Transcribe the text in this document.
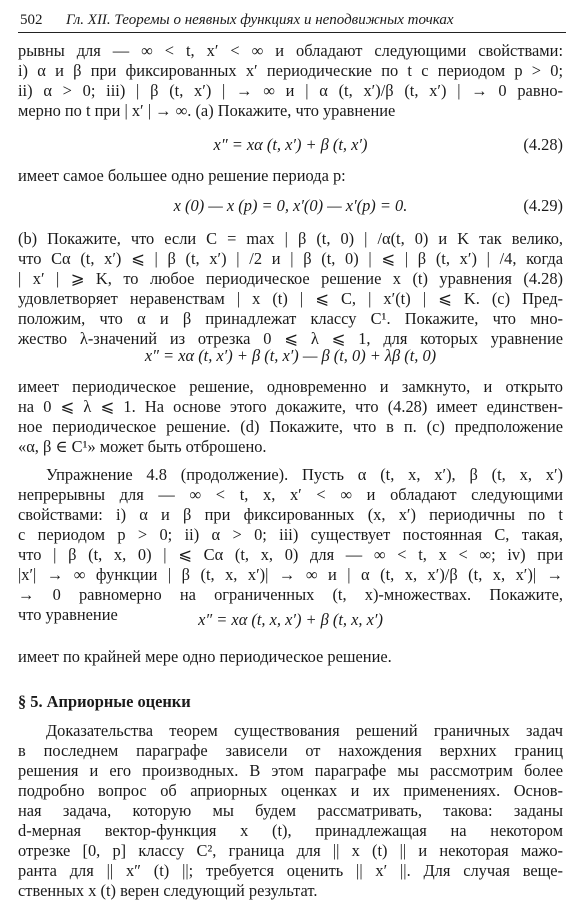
502 Гл. XII. Теоремы о неявных функциях и неподвижных точках
рывны для — ∞ < t, x′ < ∞ и обладают следующими свойствами:
i) α и β при фиксированных x′ периодические по t с периодом p > 0;
ii) α > 0; iii) | β (t, x′) | → ∞ и | α (t, x′)/β (t, x′) | → 0 равно-
мерно по t при | x′ | → ∞. (a) Покажите, что уравнение
x″ = xα (t, x′) + β (t, x′)	(4.28)
имеет самое большее одно решение периода p:
x (0) — x (p) = 0, x′(0) — x′(p) = 0.	(4.29)
(b) Покажите, что если C = max | β (t, 0) | /α(t, 0) и K так велико,
что Cα (t, x′) ⩽ | β (t, x′) | /2 и | β (t, 0) | ⩽ | β (t, x′) | /4, когда
| x′ | ⩾ K, то любое периодическое решение x (t) уравнения (4.28)
удовлетворяет неравенствам | x (t) | ⩽ C, | x′(t) | ⩽ K. (c) Пред-
положим, что α и β принадлежат классу C¹. Покажите, что мно-
жество λ-значений из отрезка 0 ⩽ λ ⩽ 1, для которых уравнение
x″ = xα (t, x′) + β (t, x′) — β (t, 0) + λβ (t, 0)
имеет периодическое решение, одновременно и замкнуто, и открыто
на 0 ⩽ λ ⩽ 1. На основе этого докажите, что (4.28) имеет единствен-
ное периодическое решение. (d) Покажите, что в п. (c) предположение
«α, β ∈ C¹» может быть отброшено.
Упражнение 4.8 (продолжение). Пусть α (t, x, x′), β (t, x, x′)
непрерывны для — ∞ < t, x, x′ < ∞ и обладают следующими
свойствами: i) α и β при фиксированных (x, x′) периодичны по t
с периодом p > 0; ii) α > 0; iii) существует постоянная C, такая,
что | β (t, x, 0) | ⩽ Cα (t, x, 0) для — ∞ < t, x < ∞; iv) при
|x′| → ∞ функции | β (t, x, x′)| → ∞ и | α (t, x, x′)/β (t, x, x′)| →
→ 0 равномерно на ограниченных (t, x)-множествах. Покажите,
что уравнение	x″ = xα (t, x, x′) + β (t, x, x′)
имеет по крайней мере одно периодическое решение.
§ 5. Априорные оценки
Доказательства теорем существования решений граничных задач
в последнем параграфе зависели от нахождения верхних границ
решения и его производных. В этом параграфе мы рассмотрим более
подробно вопрос об априорных оценках и их применениях. Основ-
ная задача, которую мы будем рассматривать, такова: заданы
d-мерная вектор-функция x (t), принадлежащая на некотором
отрезке [0, p] классу C², граница для || x (t) || и некоторая мажо-
ранта для || x″ (t) ||; требуется оценить || x′ ||. Для случая веще-
ственных x (t) верен следующий результат.
